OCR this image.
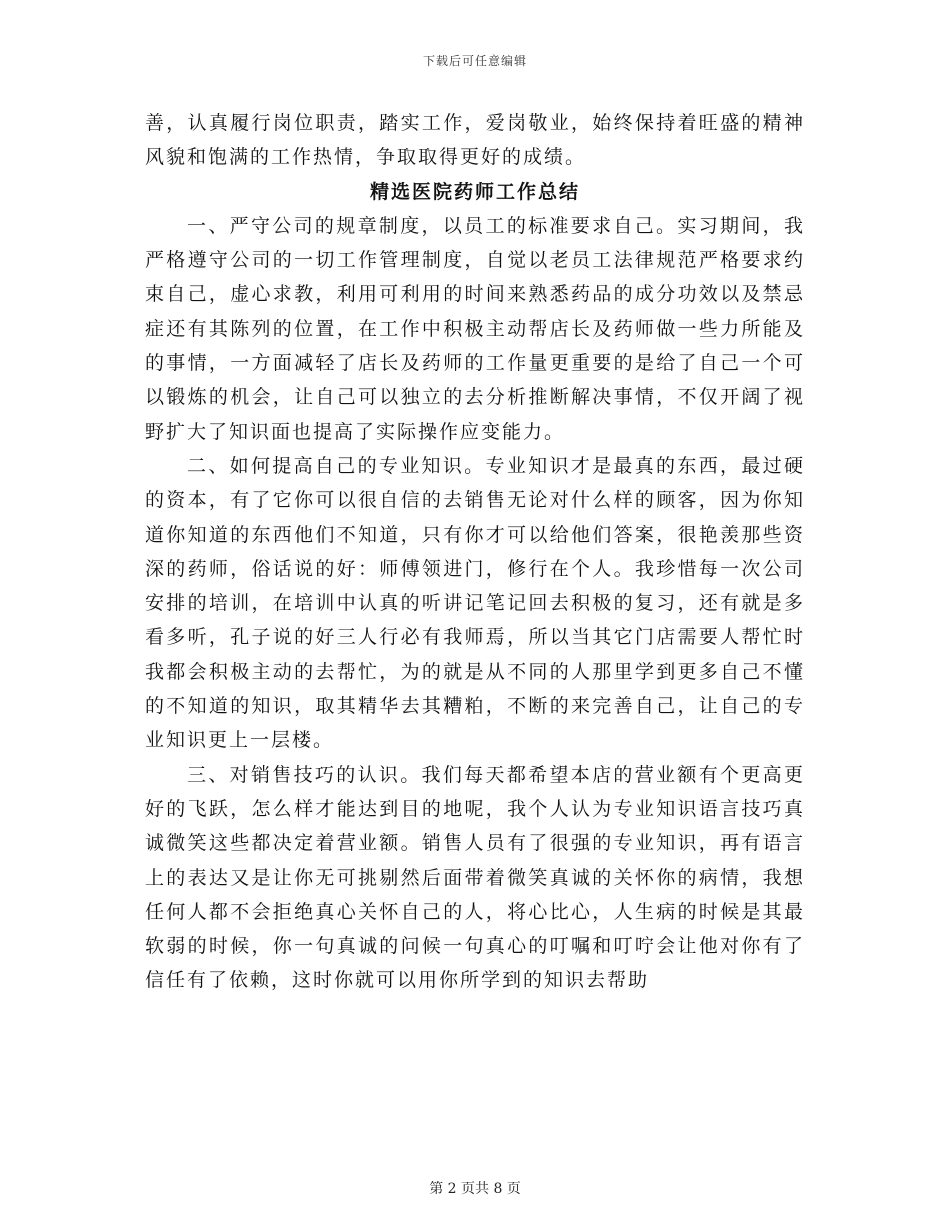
下载后可任意编辑

善，认真履行岗位职责，踏实工作，爱岗敬业，始终保持着旺盛的精神风貌和饱满的工作热情，争取取得更好的成绩。

精选医院药师工作总结

一、严守公司的规章制度，以员工的标准要求自己。实习期间，我严格遵守公司的一切工作管理制度，自觉以老员工法律规范严格要求约束自己，虚心求教，利用可利用的时间来熟悉药品的成分功效以及禁忌症还有其陈列的位置，在工作中积极主动帮店长及药师做一些力所能及的事情，一方面减轻了店长及药师的工作量更重要的是给了自己一个可以锻炼的机会，让自己可以独立的去分析推断解决事情，不仅开阔了视野扩大了知识面也提高了实际操作应变能力。

二、如何提高自己的专业知识。专业知识才是最真的东西，最过硬的资本，有了它你可以很自信的去销售无论对什么样的顾客，因为你知道你知道的东西他们不知道，只有你才可以给他们答案，很艳羡那些资深的药师，俗话说的好：师傅领进门，修行在个人。我珍惜每一次公司安排的培训，在培训中认真的听讲记笔记回去积极的复习，还有就是多看多听，孔子说的好三人行必有我师焉，所以当其它门店需要人帮忙时我都会积极主动的去帮忙，为的就是从不同的人那里学到更多自己不懂的不知道的知识，取其精华去其糟粕，不断的来完善自己，让自己的专业知识更上一层楼。

三、对销售技巧的认识。我们每天都希望本店的营业额有个更高更好的飞跃，怎么样才能达到目的地呢，我个人认为专业知识语言技巧真诚微笑这些都决定着营业额。销售人员有了很强的专业知识，再有语言上的表达又是让你无可挑剔然后面带着微笑真诚的关怀你的病情，我想任何人都不会拒绝真心关怀自己的人，将心比心，人生病的时候是其最软弱的时候，你一句真诚的问候一句真心的叮嘱和叮咛会让他对你有了信任有了依赖，这时你就可以用你所学到的知识去帮助

第 2 页共 8 页
